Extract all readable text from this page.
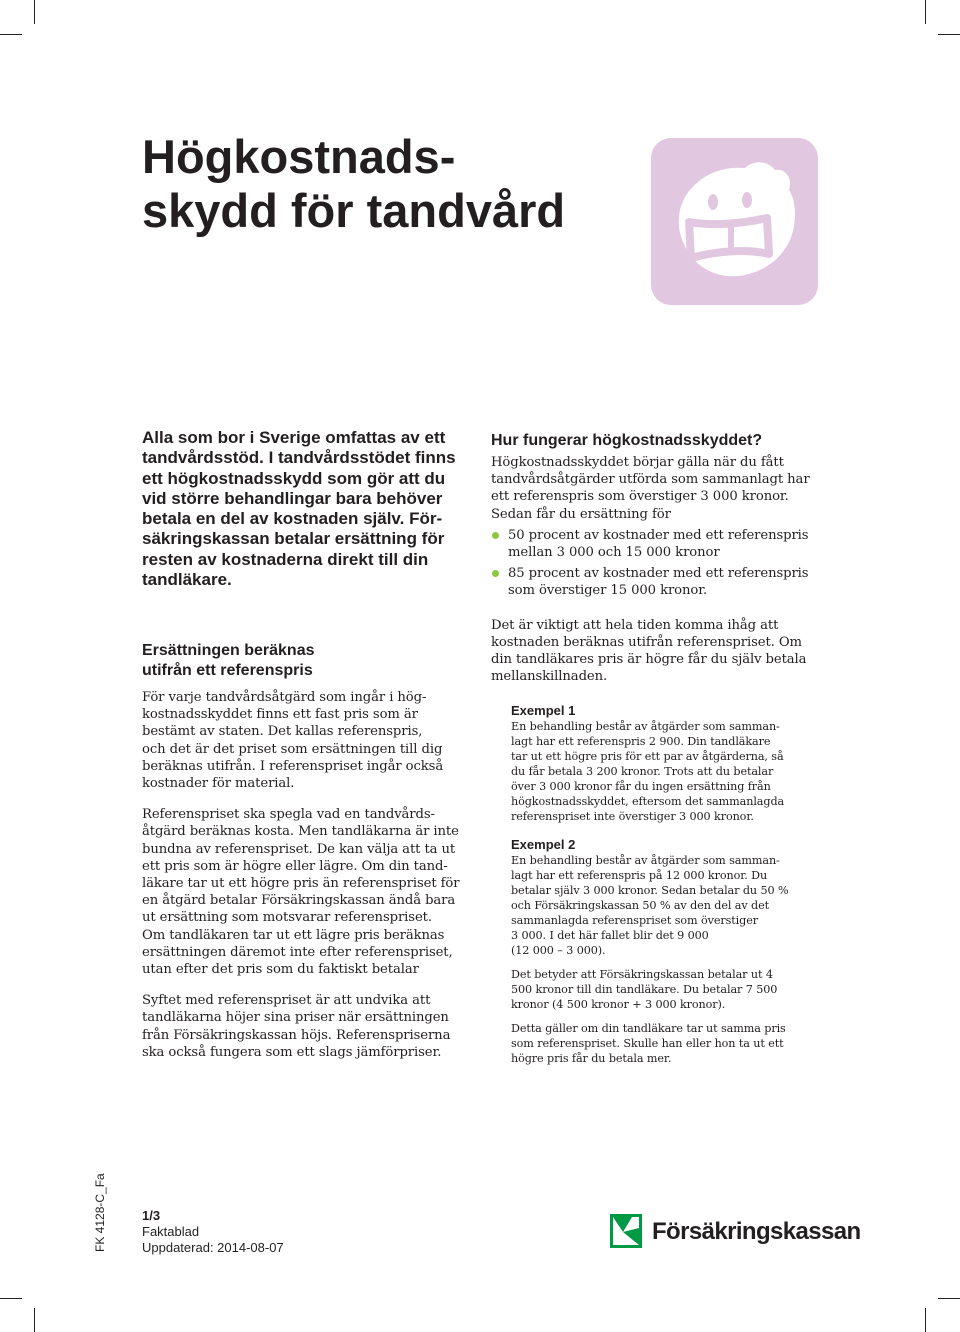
Högkostnads-
skydd för tandvård

Alla som bor i Sverige omfattas av ett
tandvårdsstöd. I tandvårdsstödet finns
ett högkostnadsskydd som gör att du
vid större behandlingar bara behöver
betala en del av kostnaden själv. För-
säkringskassan betalar ersättning för
resten av kostnaderna direkt till din
tandläkare.

Ersättningen beräknas
utifrån ett referenspris

För varje tandvårdsåtgärd som ingår i hög-
kostnadsskyddet finns ett fast pris som är
bestämt av staten. Det kallas referenspris,
och det är det priset som ersättningen till dig
beräknas utifrån. I referenspriset ingår också
kostnader för material.

Referenspriset ska spegla vad en tandvårds-
åtgärd beräknas kosta. Men tandläkarna är inte
bundna av referenspriset. De kan välja att ta ut
ett pris som är högre eller lägre. Om din tand-
läkare tar ut ett högre pris än referenspriset för
en åtgärd betalar Försäkringskassan ändå bara
ut ersättning som motsvarar referenspriset.
Om tandläkaren tar ut ett lägre pris beräknas
ersättningen däremot inte efter referenspriset,
utan efter det pris som du faktiskt betalar

Syftet med referenspriset är att undvika att
tandläkarna höjer sina priser när ersättningen
från Försäkringskassan höjs. Referenspriserna
ska också fungera som ett slags jämförpriser.

Hur fungerar högkostnadsskyddet?

Högkostnadsskyddet börjar gälla när du fått
tandvårdsåtgärder utförda som sammanlagt har
ett referenspris som överstiger 3 000 kronor.
Sedan får du ersättning för

50 procent av kostnader med ett referenspris
mellan 3 000 och 15 000 kronor
85 procent av kostnader med ett referenspris
som överstiger 15 000 kronor.

Det är viktigt att hela tiden komma ihåg att
kostnaden beräknas utifrån referenspriset. Om
din tandläkares pris är högre får du själv betala
mellanskillnaden.

Exempel 1

En behandling består av åtgärder som samman-
lagt har ett referenspris 2 900. Din tandläkare
tar ut ett högre pris för ett par av åtgärderna, så
du får betala 3 200 kronor. Trots att du betalar
över 3 000 kronor får du ingen ersättning från
högkostnadsskyddet, eftersom det sammanlagda
referenspriset inte överstiger 3 000 kronor.

Exempel 2

En behandling består av åtgärder som samman-
lagt har ett referenspris på 12 000 kronor. Du
betalar själv 3 000 kronor. Sedan betalar du 50 %
och Försäkringskassan 50 % av den del av det
sammanlagda referenspriset som överstiger
3 000. I det här fallet blir det 9 000
(12 000 – 3 000).

Det betyder att Försäkringskassan betalar ut 4
500 kronor till din tandläkare. Du betalar 7 500
kronor (4 500 kronor + 3 000 kronor).

Detta gäller om din tandläkare tar ut samma pris
som referenspriset. Skulle han eller hon ta ut ett
högre pris får du betala mer.

FK 4128-C_Fa	1/3
Faktablad
Uppdaterad: 2014-08-07
Försäkringskassan
